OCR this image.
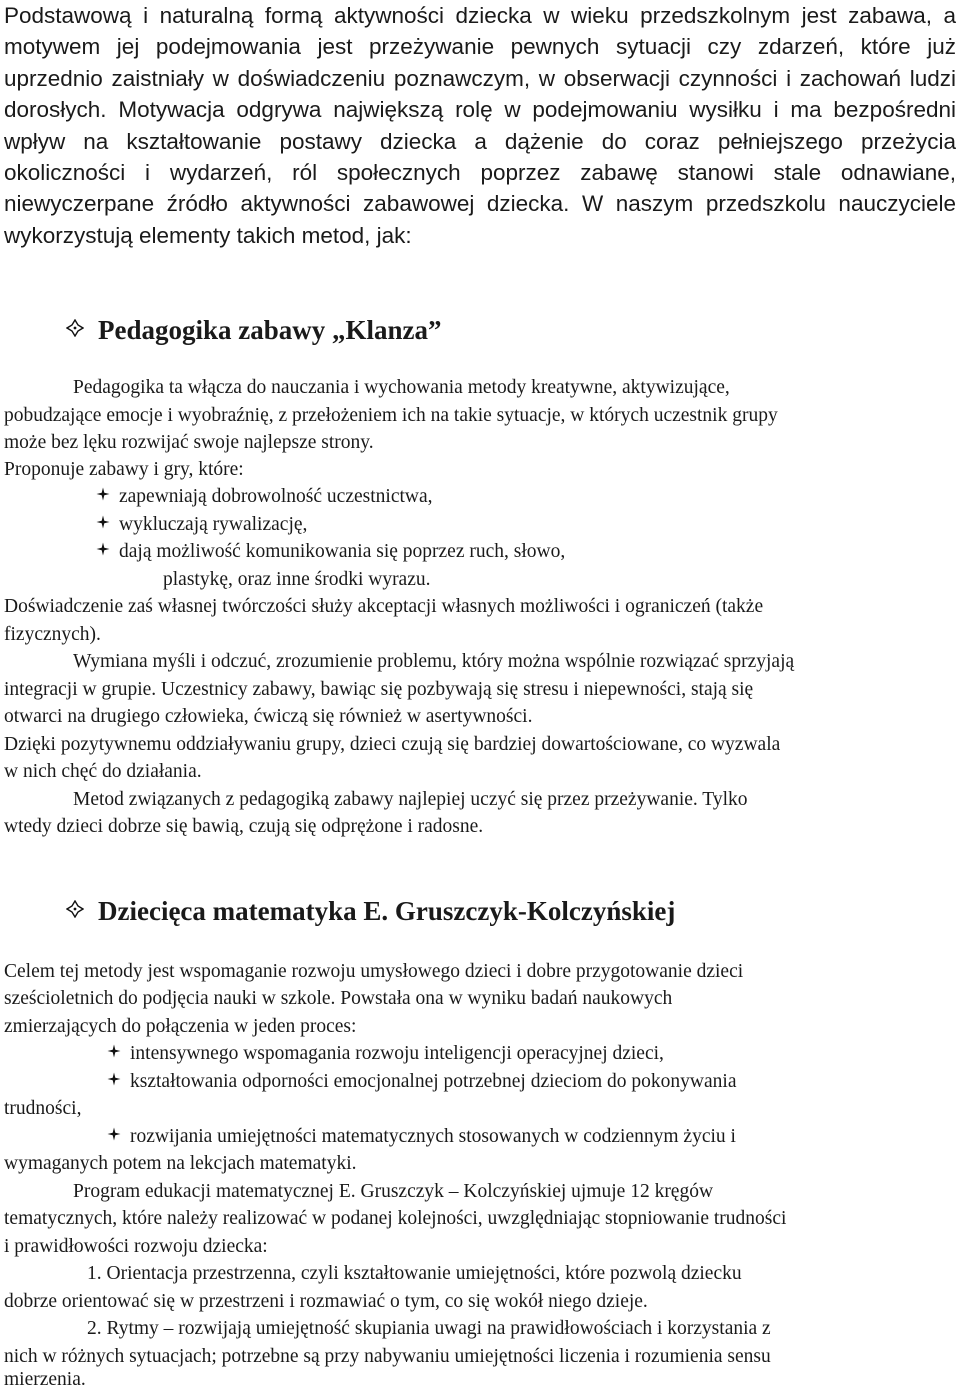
Podstawową i naturalną formą aktywności dziecka w wieku przedszkolnym jest zabawa, a motywem jej podejmowania jest przeżywanie pewnych sytuacji czy zdarzeń, które już uprzednio zaistniały w doświadczeniu poznawczym, w obserwacji czynności i zachowań ludzi dorosłych. Motywacja odgrywa największą rolę w podejmowaniu wysiłku i ma bezpośredni wpływ na kształtowanie postawy dziecka a dążenie do coraz pełniejszego przeżycia okoliczności i wydarzeń, ról społecznych poprzez zabawę stanowi stale odnawiane, niewyczerpane źródło aktywności zabawowej dziecka. W naszym przedszkolu nauczyciele wykorzystują elementy takich metod, jak:
Pedagogika zabawy „Klanza”
Pedagogika ta włącza do nauczania i wychowania metody kreatywne, aktywizujące,
pobudzające emocje i wyobraźnię, z przełożeniem ich na takie sytuacje, w których uczestnik grupy
może bez lęku rozwijać swoje najlepsze strony.
Proponuje zabawy i gry, które:
zapewniają dobrowolność uczestnictwa,
wykluczają rywalizację,
dają możliwość komunikowania się poprzez ruch, słowo,
plastykę, oraz inne środki wyrazu.
Doświadczenie zaś własnej twórczości służy akceptacji własnych możliwości i ograniczeń (także
fizycznych).
Wymiana myśli i odczuć, zrozumienie problemu, który można wspólnie rozwiązać sprzyjają
integracji w grupie. Uczestnicy zabawy, bawiąc się pozbywają się stresu i niepewności, stają się
otwarci na drugiego człowieka, ćwiczą się również w asertywności.
Dzięki pozytywnemu oddziaływaniu grupy, dzieci czują się bardziej dowartościowane, co wyzwala
w nich chęć do działania.
Metod związanych z pedagogiką zabawy najlepiej uczyć się przez przeżywanie. Tylko
wtedy dzieci dobrze się bawią, czują się odprężone i radosne.
Dziecięca matematyka E. Gruszczyk-Kolczyńskiej
Celem tej metody jest wspomaganie rozwoju umysłowego dzieci i dobre przygotowanie dzieci
sześcioletnich do podjęcia nauki w szkole. Powstała ona w wyniku badań naukowych
zmierzających do połączenia w jeden proces:
intensywnego wspomagania rozwoju inteligencji operacyjnej dzieci,
kształtowania odporności emocjonalnej potrzebnej dzieciom do pokonywania
trudności,
rozwijania umiejętności matematycznych stosowanych w codziennym życiu i
wymaganych potem na lekcjach matematyki.
Program edukacji matematycznej E. Gruszczyk – Kolczyńskiej ujmuje 12 kręgów
tematycznych, które należy realizować w podanej kolejności, uwzględniając stopniowanie trudności
i prawidłowości rozwoju dziecka:
1. Orientacja przestrzenna, czyli kształtowanie umiejętności, które pozwolą dziecku
dobrze orientować się w przestrzeni i rozmawiać o tym, co się wokół niego dzieje.
2. Rytmy – rozwijają umiejętność skupiania uwagi na prawidłowościach i korzystania z
nich w różnych sytuacjach; potrzebne są przy nabywaniu umiejętności liczenia i rozumienia sensu
mierzenia.
